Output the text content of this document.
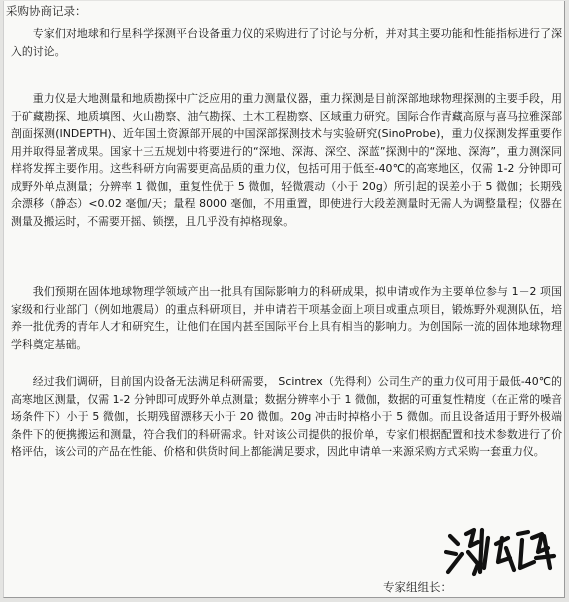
采购协商记录：
专家们对地球和行星科学探测平台设备重力仪的采购进行了讨论与分析，并对其主要功能和性能指标进行了深入的讨论。
重力仪是大地测量和地质勘探中广泛应用的重力测量仪器，重力探测是目前深部地球物理探测的主要手段，用于矿藏勘探、地质填图、火山勘察、油气勘探、土木工程勘察、区域重力研究。国际合作青藏高原与喜马拉雅深部剖面探测(INDEPTH)、近年国土资源部开展的中国深部探测技术与实验研究(SinoProbe)，重力仪探测发挥重要作用并取得显著成果。国家十三五规划中将要进行的“深地、深海、深空、深蓝”探测中的“深地、深海”，重力测深同样将发挥主要作用。这些科研方向需要更高品质的重力仪，包括可用于低至-40℃的高寒地区，仅需 1-2 分钟即可成野外单点测量；分辨率 1 微伽，重复性优于 5 微伽，轻微震动（小于 20g）所引起的误差小于 5 微伽；长期残余漂移（静态）<0.02 毫伽/天；量程 8000 毫伽，不用重置，即使进行大段差测量时无需人为调整量程；仪器在测量及搬运时，不需要开摇、锁摆，且几乎没有掉格现象。
我们预期在固体地球物理学领域产出一批具有国际影响力的科研成果，拟申请或作为主要单位参与 1－2 项国家级和行业部门（例如地震局）的重点科研项目，并申请若干项基金面上项目或重点项目，锻炼野外观测队伍，培养一批优秀的青年人才和研究生，让他们在国内甚至国际平台上具有相当的影响力。为创国际一流的固体地球物理学科奠定基础。
经过我们调研，目前国内设备无法满足科研需要， Scintrex（先得利）公司生产的重力仪可用于最低-40℃的高寒地区测量，仅需 1-2 分钟即可成野外单点测量；数据分辨率小于 1 微伽，数据的可重复性精度（在正常的噪音场条件下）小于 5 微伽，长期残留漂移天小于 20 微伽。20g 冲击时掉格小于 5 微伽。而且设备适用于野外极端条件下的便携搬运和测量，符合我们的科研需求。针对该公司提供的报价单，专家们根据配置和技术参数进行了价格评估，该公司的产品在性能、价格和供货时间上都能满足要求，因此申请单一来源采购方式采购一套重力仪。
专家组组长：
